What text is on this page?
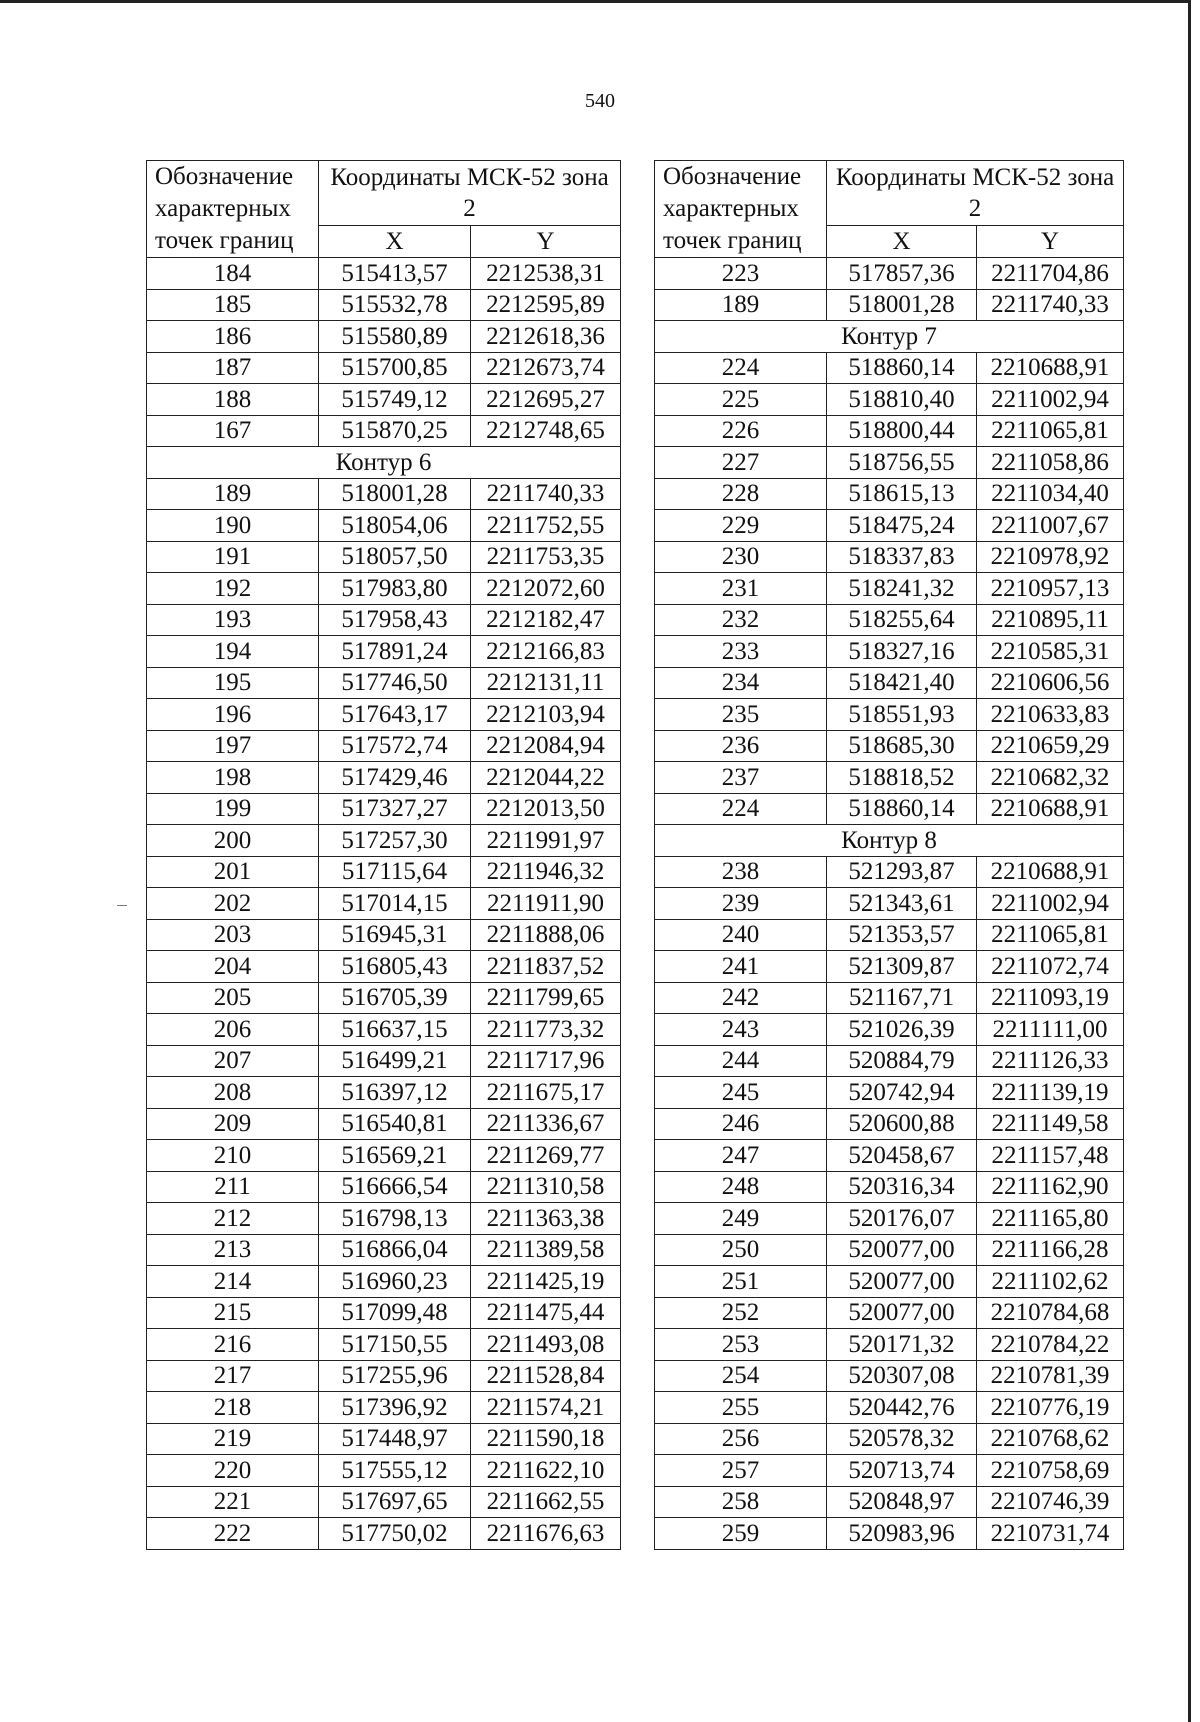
540
Обозначение характерных точек границ	Координаты МСК-52 зона 2	
	X	Y
184	515413,57	2212538,31
185	515532,78	2212595,89
186	515580,89	2212618,36
187	515700,85	2212673,74
188	515749,12	2212695,27
167	515870,25	2212748,65
Контур 6		
189	518001,28	2211740,33
190	518054,06	2211752,55
191	518057,50	2211753,35
192	517983,80	2212072,60
193	517958,43	2212182,47
194	517891,24	2212166,83
195	517746,50	2212131,11
196	517643,17	2212103,94
197	517572,74	2212084,94
198	517429,46	2212044,22
199	517327,27	2212013,50
200	517257,30	2211991,97
201	517115,64	2211946,32
202	517014,15	2211911,90
203	516945,31	2211888,06
204	516805,43	2211837,52
205	516705,39	2211799,65
206	516637,15	2211773,32
207	516499,21	2211717,96
208	516397,12	2211675,17
209	516540,81	2211336,67
210	516569,21	2211269,77
211	516666,54	2211310,58
212	516798,13	2211363,38
213	516866,04	2211389,58
214	516960,23	2211425,19
215	517099,48	2211475,44
216	517150,55	2211493,08
217	517255,96	2211528,84
218	517396,92	2211574,21
219	517448,97	2211590,18
220	517555,12	2211622,10
221	517697,65	2211662,55
222	517750,02	2211676,63
Обозначение характерных точек границ	Координаты МСК-52 зона 2	
	X	Y
223	517857,36	2211704,86
189	518001,28	2211740,33
Контур 7		
224	518860,14	2210688,91
225	518810,40	2211002,94
226	518800,44	2211065,81
227	518756,55	2211058,86
228	518615,13	2211034,40
229	518475,24	2211007,67
230	518337,83	2210978,92
231	518241,32	2210957,13
232	518255,64	2210895,11
233	518327,16	2210585,31
234	518421,40	2210606,56
235	518551,93	2210633,83
236	518685,30	2210659,29
237	518818,52	2210682,32
224	518860,14	2210688,91
Контур 8		
238	521293,87	2210688,91
239	521343,61	2211002,94
240	521353,57	2211065,81
241	521309,87	2211072,74
242	521167,71	2211093,19
243	521026,39	2211111,00
244	520884,79	2211126,33
245	520742,94	2211139,19
246	520600,88	2211149,58
247	520458,67	2211157,48
248	520316,34	2211162,90
249	520176,07	2211165,80
250	520077,00	2211166,28
251	520077,00	2211102,62
252	520077,00	2210784,68
253	520171,32	2210784,22
254	520307,08	2210781,39
255	520442,76	2210776,19
256	520578,32	2210768,62
257	520713,74	2210758,69
258	520848,97	2210746,39
259	520983,96	2210731,74
